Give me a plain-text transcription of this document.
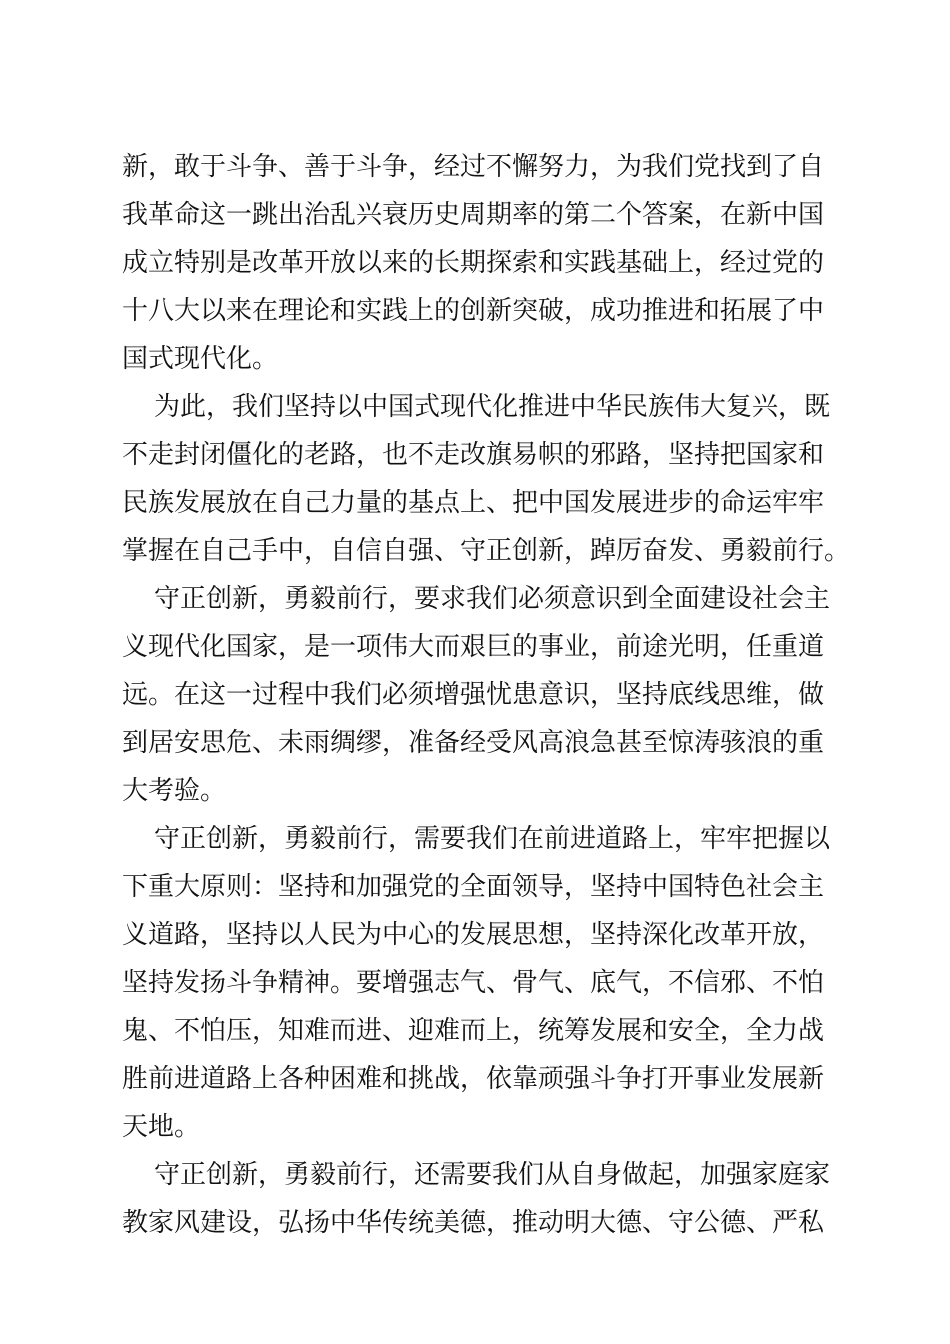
新，敢于斗争、善于斗争，经过不懈努力，为我们党找到了自
我革命这一跳出治乱兴衰历史周期率的第二个答案，在新中国
成立特别是改革开放以来的长期探索和实践基础上，经过党的
十八大以来在理论和实践上的创新突破，成功推进和拓展了中
国式现代化。
为此，我们坚持以中国式现代化推进中华民族伟大复兴，既
不走封闭僵化的老路，也不走改旗易帜的邪路，坚持把国家和
民族发展放在自己力量的基点上、把中国发展进步的命运牢牢
掌握在自己手中，自信自强、守正创新，踔厉奋发、勇毅前行。
守正创新，勇毅前行，要求我们必须意识到全面建设社会主
义现代化国家，是一项伟大而艰巨的事业，前途光明，任重道
远。在这一过程中我们必须增强忧患意识，坚持底线思维，做
到居安思危、未雨绸缪，准备经受风高浪急甚至惊涛骇浪的重
大考验。
守正创新，勇毅前行，需要我们在前进道路上，牢牢把握以
下重大原则：坚持和加强党的全面领导，坚持中国特色社会主
义道路，坚持以人民为中心的发展思想，坚持深化改革开放，
坚持发扬斗争精神。要增强志气、骨气、底气，不信邪、不怕
鬼、不怕压，知难而进、迎难而上，统筹发展和安全，全力战
胜前进道路上各种困难和挑战，依靠顽强斗争打开事业发展新
天地。
守正创新，勇毅前行，还需要我们从自身做起，加强家庭家
教家风建设，弘扬中华传统美德，推动明大德、守公德、严私
